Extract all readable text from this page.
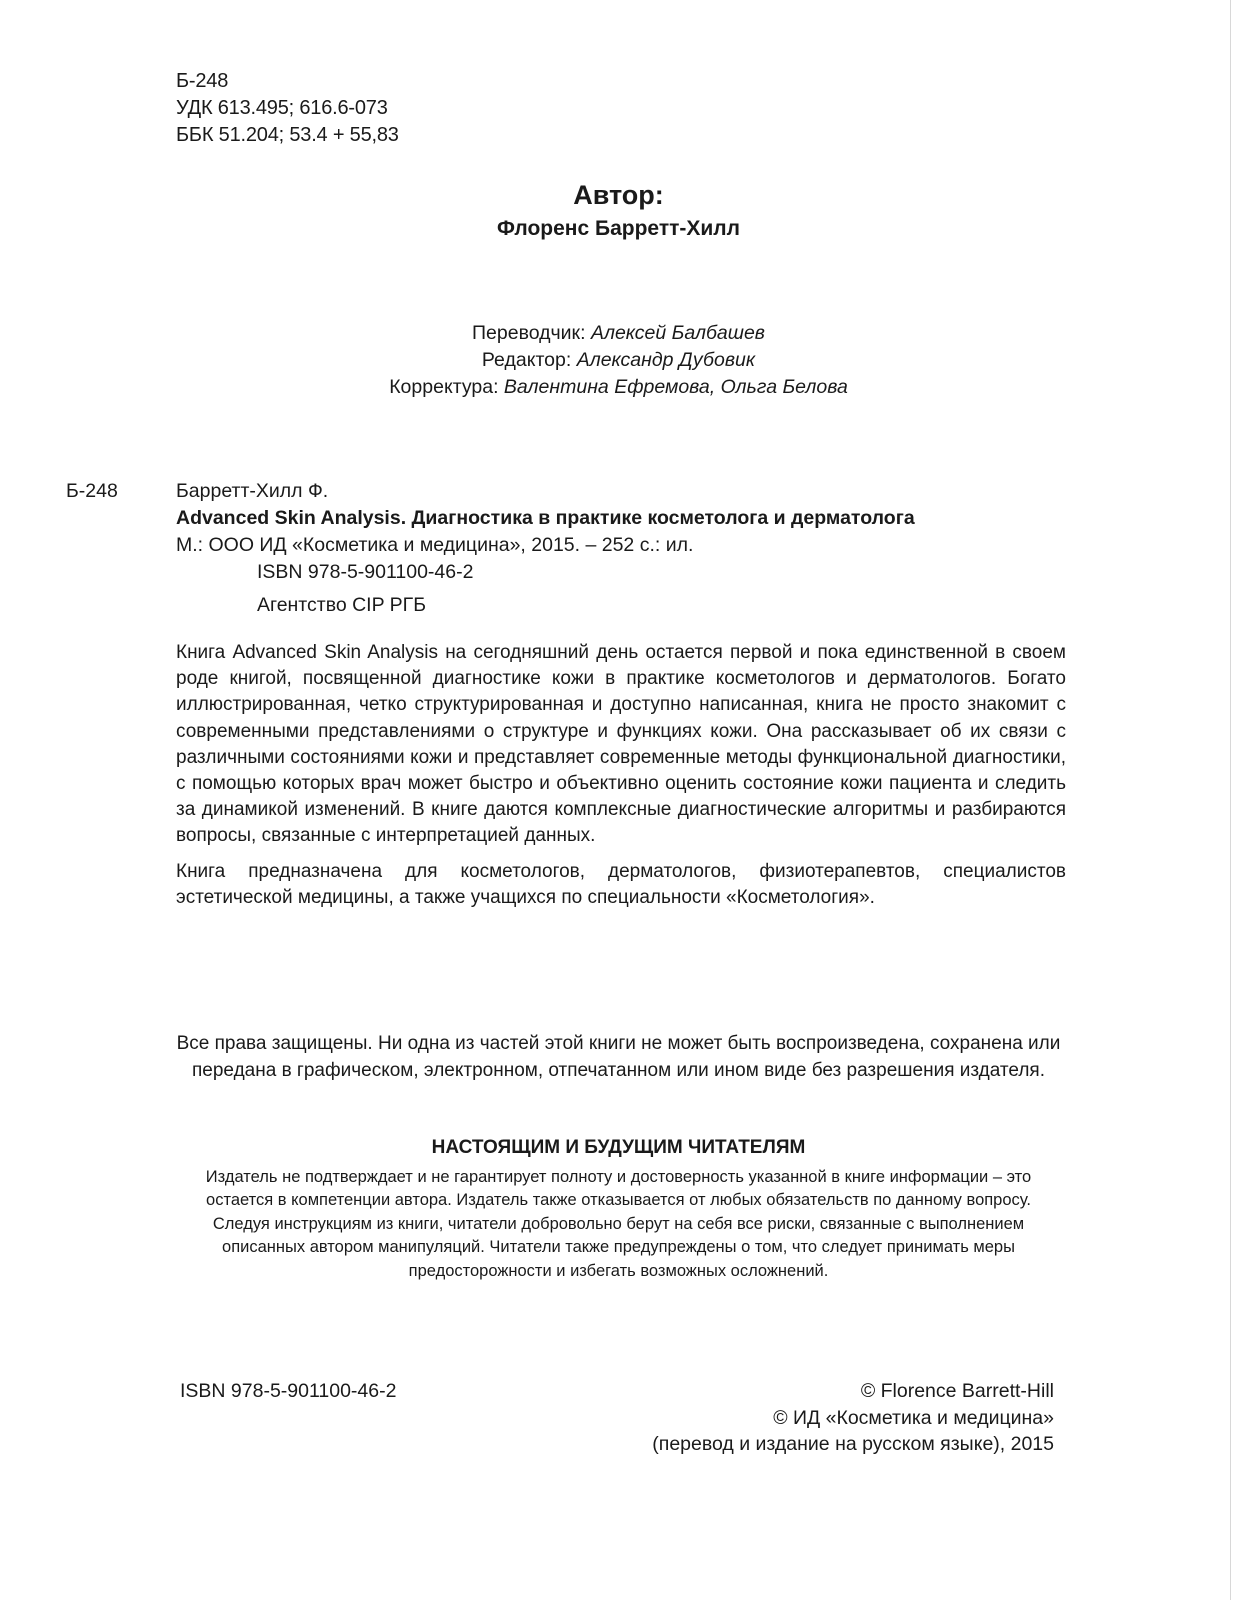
Б-248
УДК 613.495; 616.6-073
ББК 51.204; 53.4 + 55,83
Автор:
Флоренс Барретт-Хилл
Переводчик: Алексей Балбашев
Редактор: Александр Дубовик
Корректура: Валентина Ефремова, Ольга Белова
Б-248	Барретт-Хилл Ф.
Advanced Skin Analysis. Диагностика в практике косметолога и дерматолога
М.: ООО ИД «Косметика и медицина», 2015. – 252 с.: ил.
ISBN 978-5-901100-46-2
Агентство CIP РГБ
Книга Advanced Skin Analysis на сегодняшний день остается первой и пока единственной в своем роде книгой, посвященной диагностике кожи в практике косметологов и дерматологов. Богато иллюстрированная, четко структурированная и доступно написанная, книга не просто знакомит с современными представлениями о структуре и функциях кожи. Она рассказывает об их связи с различными состояниями кожи и представляет современные методы функциональной диагностики, с помощью которых врач может быстро и объективно оценить состояние кожи пациента и следить за динамикой изменений. В книге даются комплексные диагностические алгоритмы и разбираются вопросы, связанные с интерпретацией данных.
Книга предназначена для косметологов, дерматологов, физиотерапевтов, специалистов эстетической медицины, а также учащихся по специальности «Косметология».
Все права защищены. Ни одна из частей этой книги не может быть воспроизведена, сохранена или
передана в графическом, электронном, отпечатанном или ином виде без разрешения издателя.
НАСТОЯЩИМ И БУДУЩИМ ЧИТАТЕЛЯМ
Издатель не подтверждает и не гарантирует полноту и достоверность указанной в книге информации – это
остается в компетенции автора. Издатель также отказывается от любых обязательств по данному вопросу.
Следуя инструкциям из книги, читатели добровольно берут на себя все риски, связанные с выполнением
описанных автором манипуляций. Читатели также предупреждены о том, что следует принимать меры
предосторожности и избегать возможных осложнений.
ISBN 978-5-901100-46-2	© Florence Barrett-Hill
© ИД «Косметика и медицина»
(перевод и издание на русском языке), 2015
